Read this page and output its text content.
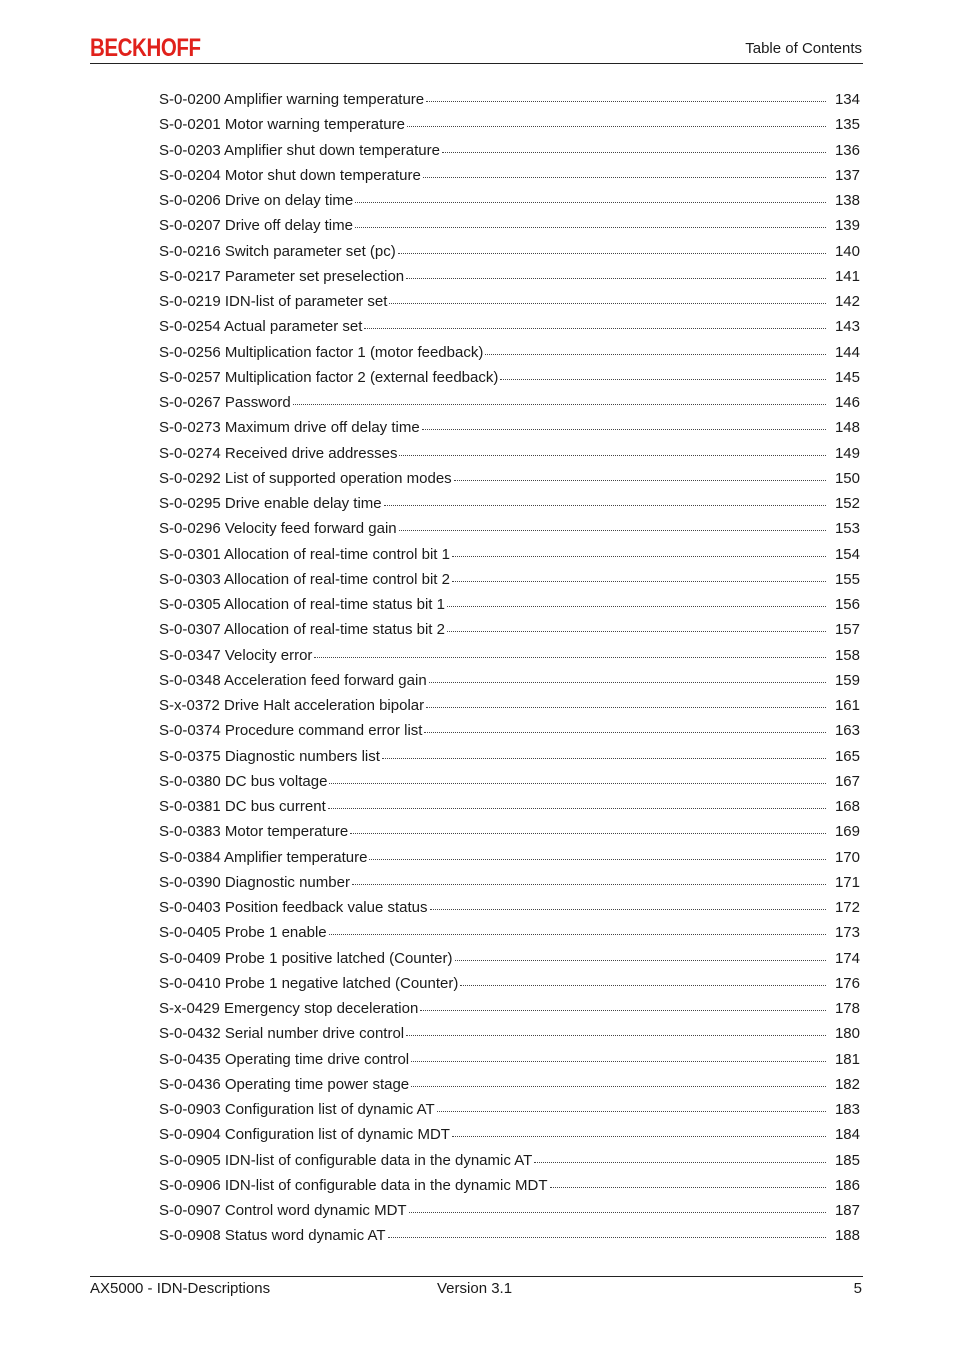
BECKHOFF	Table of Contents
S-0-0200 Amplifier warning temperature	134
S-0-0201 Motor warning temperature	135
S-0-0203 Amplifier shut down temperature	136
S-0-0204 Motor shut down temperature	137
S-0-0206 Drive on delay time	138
S-0-0207 Drive off delay time	139
S-0-0216 Switch parameter set (pc)	140
S-0-0217 Parameter set preselection	141
S-0-0219 IDN-list of parameter set	142
S-0-0254 Actual parameter set	143
S-0-0256 Multiplication factor 1 (motor feedback)	144
S-0-0257 Multiplication factor 2 (external feedback)	145
S-0-0267 Password	146
S-0-0273 Maximum drive off delay time	148
S-0-0274 Received drive addresses	149
S-0-0292 List of supported operation modes	150
S-0-0295 Drive enable delay time	152
S-0-0296 Velocity feed forward gain	153
S-0-0301 Allocation of real-time control bit 1	154
S-0-0303 Allocation of real-time control bit 2	155
S-0-0305 Allocation of real-time status bit 1	156
S-0-0307 Allocation of real-time status bit 2	157
S-0-0347 Velocity error	158
S-0-0348 Acceleration feed forward gain	159
S-x-0372 Drive Halt acceleration bipolar	161
S-0-0374 Procedure command error list	163
S-0-0375 Diagnostic numbers list	165
S-0-0380 DC bus voltage	167
S-0-0381 DC bus current	168
S-0-0383 Motor temperature	169
S-0-0384 Amplifier temperature	170
S-0-0390 Diagnostic number	171
S-0-0403 Position feedback value status	172
S-0-0405 Probe 1 enable	173
S-0-0409 Probe 1 positive latched (Counter)	174
S-0-0410 Probe 1 negative latched (Counter)	176
S-x-0429 Emergency stop deceleration	178
S-0-0432 Serial number drive control	180
S-0-0435 Operating time drive control	181
S-0-0436 Operating time power stage	182
S-0-0903 Configuration list of dynamic AT	183
S-0-0904 Configuration list of dynamic MDT	184
S-0-0905 IDN-list of configurable data in the dynamic AT	185
S-0-0906 IDN-list of configurable data in the dynamic MDT	186
S-0-0907 Control word dynamic MDT	187
S-0-0908 Status word dynamic AT	188
AX5000 - IDN-Descriptions	Version 3.1	5
